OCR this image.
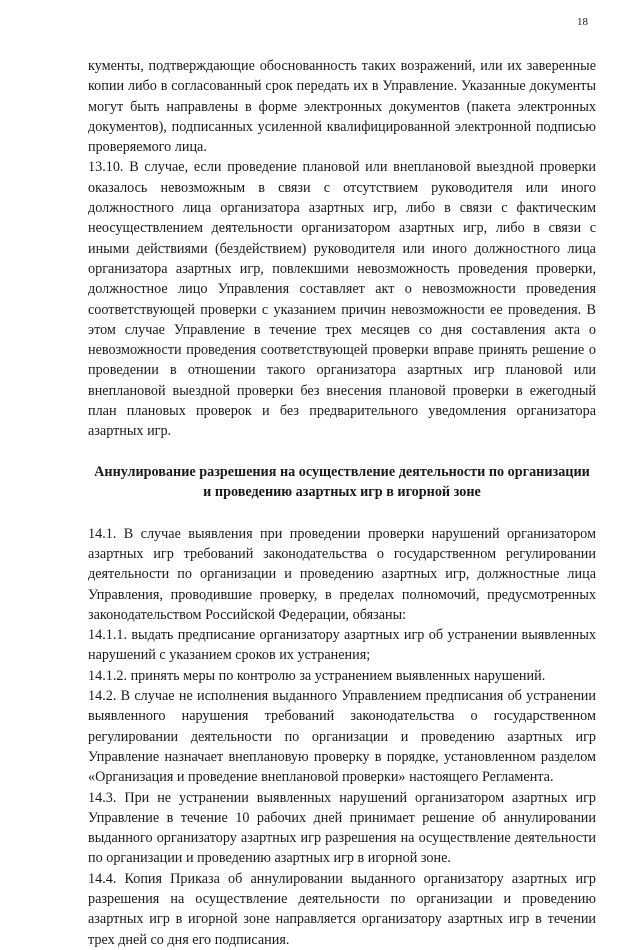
18

кументы, подтверждающие обоснованность таких возражений, или их заверенные копии либо в согласованный срок передать их в Управление. Указанные документы могут быть направлены в форме электронных документов (пакета электронных документов), подписанных усиленной квалифицированной электронной подписью проверяемого лица.

13.10. В случае, если проведение плановой или внеплановой выездной проверки оказалось невозможным в связи с отсутствием руководителя или иного должностного лица организатора азартных игр, либо в связи с фактическим неосуществлением деятельности организатором азартных игр, либо в связи с иными действиями (бездействием) руководителя или иного должностного лица организатора азартных игр, повлекшими невозможность проведения проверки, должностное лицо Управления составляет акт о невозможности проведения соответствующей проверки с указанием причин невозможности ее проведения. В этом случае Управление в течение трех месяцев со дня составления акта о невозможности проведения соответствующей проверки вправе принять решение о проведении в отношении такого организатора азартных игр плановой или внеплановой выездной проверки без внесения плановой проверки в ежегодный план плановых проверок и без предварительного уведомления организатора азартных игр.

Аннулирование разрешения на осуществление деятельности по организации и проведению азартных игр в игорной зоне

14.1. В случае выявления при проведении проверки нарушений организатором азартных игр требований законодательства о государственном регулировании деятельности по организации и проведению азартных игр, должностные лица Управления, проводившие проверку, в пределах полномочий, предусмотренных законодательством Российской Федерации, обязаны:

14.1.1. выдать предписание организатору азартных игр об устранении выявленных нарушений с указанием сроков их устранения;

14.1.2. принять меры по контролю за устранением выявленных нарушений.

14.2. В случае не исполнения выданного Управлением предписания об устранении выявленного нарушения требований законодательства о государственном регулировании деятельности по организации и проведению азартных игр Управление назначает внеплановую проверку в порядке, установленном разделом «Организация и проведение внеплановой проверки» настоящего Регламента.

14.3. При не устранении выявленных нарушений организатором азартных игр Управление в течение 10 рабочих дней принимает решение об аннулировании выданного организатору азартных игр разрешения на осуществление деятельности по организации и проведению азартных игр в игорной зоне.

14.4. Копия Приказа об аннулировании выданного организатору азартных игр разрешения на осуществление деятельности по организации и проведению азартных игр в игорной зоне направляется организатору азартных игр в течении трех дней со дня его подписания.
